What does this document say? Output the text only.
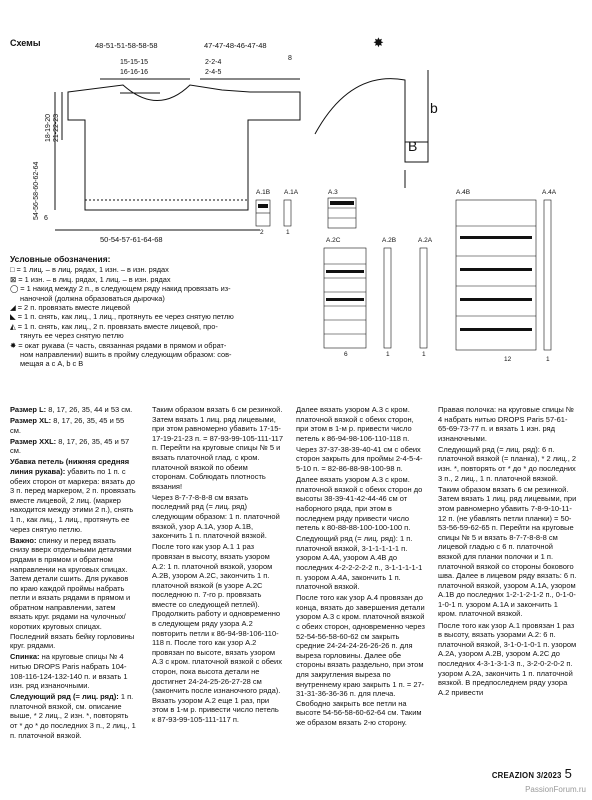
Схемы	✸
48-51-51-58-58-58
15-15-15
16-16-16
2-2-4
2-4-5
47-47-48-46-47-48
8
18-19-20 21-22-23
54-56-58-60-62-64 6
50-54-57-61-64-68
b
B
A.1B A.1A	A.3
A.2C	A.2B	A.2A
A.4B	A.4A
2	1
6	1	1
12	1
Условные обозначения:
□ = 1 лиц. – в лиц. рядах, 1 изн. – в изн. рядах
⊠ = 1 изн. – в лиц. рядах, 1 лиц. – в изн. рядах
◯ = 1 накид между 2 п., в следующем ряду накид провязать из-
наночной (должна образоваться дырочка)
◢ = 2 п. провязать вместе лицевой
◣ = 1 п. снять, как лиц., 1 лиц., протянуть ее через снятую петлю
◭ = 1 п. снять, как лиц., 2 п. провязать вместе лицевой, про-
тянуть ее через снятую петлю
✸ = окат рукава (= часть, связанная рядами в прямом и обрат-
ном направлении) вшить в пройму следующим образом: сов-
мещая a с A, b с B

Размер L: 8, 17, 26, 35, 44 и 53 см.

Размер XL: 8, 17, 26, 35, 45 и 55 см.

Размер XXL: 8, 17, 26, 35, 45 и 57 см.

Убавка петель (нижняя средняя линия рукава): убавить по 1 п. с обеих сторон от маркера: вязать до 3 п. перед маркером, 2 п. провязать вместе лицевой, 2 лиц. (маркер находится между этими 2 п.), снять 1 п., как лиц., 1 лиц., протянуть ее через снятую петлю.

Важно: спинку и перед вязать снизу вверх отдельными деталями рядами в прямом и обратном направлении на круговых спицах. Затем детали сшить. Для рукавов по краю каждой проймы набрать петли и вязать рядами в прямом и обратном направлении, затем вязать круг. рядами на чулочных/коротких круговых спицах. Последний вязать бейку горловины круг. рядами.

Спинка: на круговые спицы № 4 нитью DROPS Paris набрать 104-108-116-124-132-140 п. и вязать 1 изн. ряд изнаночными.

Следующий ряд (= лиц. ряд): 1 п. платочной вязкой, см. описание выше, * 2 лиц., 2 изн. *, повторять от * до * до последних 3 п., 2 лиц., 1 п. платочной вязкой.

Таким образом вязать 6 см резинкой. Затем вязать 1 лиц. ряд лицевыми, при этом равномерно убавить 17-15-17-19-21-23 п. = 87-93-99-105-111-117 п. Перейти на круговые спицы № 5 и вязать платочной глад. с кром. платочной вязкой по обеим сторонам. Соблюдать плотность вязания!

Через 8-7-7-8-8-8 см вязать последний ряд (= лиц. ряд) следующим образом: 1 п. платочной вязкой, узор A.1A, узор A.1B, закончить 1 п. платочной вязкой.

После того как узор A.1 1 раз провязан в высоту, вязать узором A.2: 1 п. платочной вязкой, узором A.2B, узором A.2C, закончить 1 п. платочной вязкой (в узоре A.2C последнюю п. 7-го р. провязать вместе со следующей петлей). Продолжить работу и одновременно в следующем ряду узора A.2 повторить петли к 86-94-98-106-110-118 п. После того как узор A.2 провязан по высоте, вязать узором A.3 с кром. платочной вязкой с обеих сторон, пока высота детали не достигнет 24-24-25-26-27-28 см (закончить после изнаночного ряда). Вязать узором A.2 еще 1 раз, при этом в 1-м р. привести число петель к 87-93-99-105-111-117 п.

Далее вязать узором A.3 с кром. платочной вязкой с обеих сторон, при этом в 1-м р. привести число петель к 86-94-98-106-110-118 п.

Через 37-37-38-39-40-41 см с обеих сторон закрыть для проймы 2-4-5-4-5-10 п. = 82-86-88-98-100-98 п.

Далее вязать узором A.3 с кром. платочной вязкой с обеих сторон до высоты 38-39-41-42-44-46 см от наборного ряда, при этом в последнем ряду привести число петель к 80-88-88-100-100-100 п.

Следующий ряд (= лиц. ряд): 1 п. платочной вязкой, 3-1-1-1-1-1 п. узором A.4A, узором A.4B до последних 4-2-2-2-2-2 п., 3-1-1-1-1-1 п. узором A.4A, закончить 1 п. платочной вязкой.

После того как узор A.4 провязан до конца, вязать до завершения детали узором A.3 с кром. платочной вязкой с обеих сторон, одновременно через 52-54-56-58-60-62 см закрыть средние 24-24-24-26-26-26 п. для выреза горловины. Далее обе стороны вязать раздельно, при этом для закругления выреза по внутреннему краю закрыть 1 п. = 27-31-31-36-36-36 п. для плеча. Свободно закрыть все петли на высоте 54-56-58-60-62-64 см. Таким же образом вязать 2-ю сторону.

Правая полочка: на круговые спицы № 4 набрать нитью DROPS Paris 57-61-65-69-73-77 п. и вязать 1 изн. ряд изнаночными.

Следующий ряд (= лиц. ряд): 6 п. платочной вязкой (= планка), * 2 лиц., 2 изн. *, повторять от * до * до последних 3 п., 2 лиц., 1 п. платочной вязкой.

Таким образом вязать 6 см резинкой. Затем вязать 1 лиц. ряд лицевыми, при этом равномерно убавить 7-8-9-10-11-12 п. (не убавлять петли планки) = 50-53-56-59-62-65 п. Перейти на круговые спицы № 5 и вязать 8-7-7-8-8-8 см лицевой гладью с 6 п. платочной вязкой для планки полочки и 1 п. платочной вязкой со стороны бокового шва. Далее в лицевом ряду вязать: 6 п. платочной вязкой, узором A.1A, узором A.1B до последних 1-2-1-2-1-2 п., 0-1-0-1-0-1 п. узором A.1A и закончить 1 кром. платочной вязкой.

После того как узор A.1 провязан 1 раз в высоту, вязать узорами A.2: 6 п. платочной вязкой, 3-1-0-1-0-1 п. узором A.2A, узором A.2B, узором A.2C до последних 4-3-1-3-1-3 п., 3-2-0-2-0-2 п. узором A.2A, закончить 1 п. платочной вязкой. В предпоследнем ряду узора A.2 привести

CREAZION 3/2023 5
PassionForum.ru
